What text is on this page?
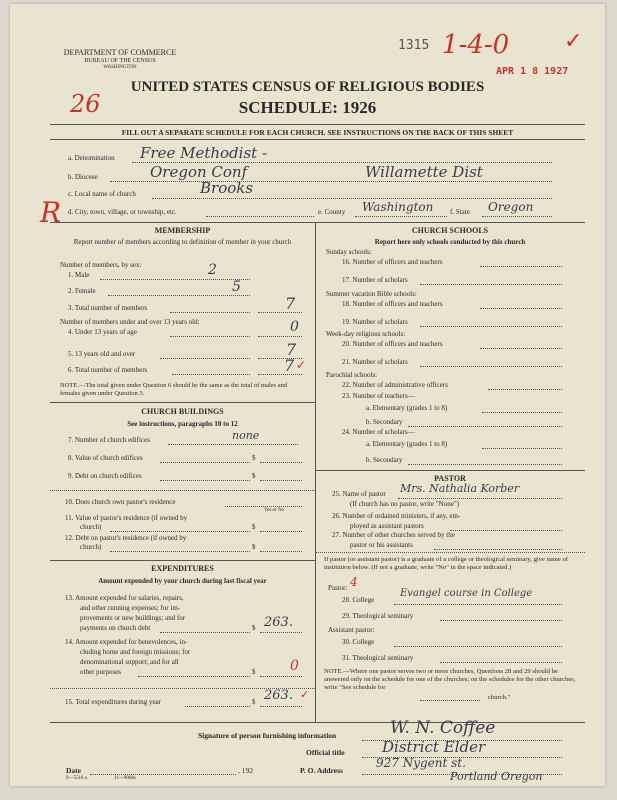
DEPARTMENT OF COMMERCE
BUREAU OF THE CENSUS
WASHINGTON
1315 1-4-0 ✓
APR 1 8 1927
UNITED STATES CENSUS OF RELIGIOUS BODIES
SCHEDULE: 1926
26
FILL OUT A SEPARATE SCHEDULE FOR EACH CHURCH. SEE INSTRUCTIONS ON THE BACK OF THIS SHEET
R
a. Denomination Free Methodist -
b. Diocese	Oregon Conf	Willamette Dist
c. Local name of church	Brooks
d. City, town, village, or township, etc.	e. County Washington f. State Oregon
MEMBERSHIP
Report number of members according to definition of member in your church
Number of members, by sex:
1. Male	2
2. Female	5
3. Total number of members	7
Number of members under and over 13 years old:
4. Under 13 years of age	0
5. 13 years old and over	7
6. Total number of members	7 ✓
NOTE.—The total given under Question 6 should be the same as the total of males and females given under Question 3.
CHURCH BUILDINGS
See instructions, paragraphs 10 to 12
7. Number of church edifices	none
8. Value of church edifices	$
9. Debt on church edifices	$
10. Does church own pastor's residence
Yes or No
11. Value of pastor's residence (if owned by
church)	$
12. Debt on pastor's residence (if owned by
church)	$
EXPENDITURES
Amount expended by your church during last fiscal year
13. Amount expended for salaries, repairs,
and other running expenses; for im-
provements or new buildings; and for
payments on church debt	$ 263.
14. Amount expended for benevolences, in-
cluding home and foreign missions; for
denominational support; and for all
other purposes	$ 0
15. Total expenditures during year	$ 263. ✓
CHURCH SCHOOLS
Report here only schools conducted by this church
Sunday schools:
16. Number of officers and teachers
17. Number of scholars
Summer vacation Bible schools:
18. Number of officers and teachers
19. Number of scholars
Week-day religious schools:
20. Number of officers and teachers
21. Number of scholars
Parochial schools:
22. Number of administrative officers
23. Number of teachers—
a. Elementary (grades 1 to 8)
b. Secondary
24. Number of scholars—
a. Elementary (grades 1 to 8)
b. Secondary
PASTOR
25. Name of pastor Mrs. Nathalia Korber
(If church has no pastor, write "None")
26. Number of ordained ministers, if any, em-
ployed as assistant pastors
27. Number of other churches served by the
pastor or his assistants
If pastor (or assistant pastor) is a graduate of a college or theological seminary, give name of institution below. (If not a graduate, write "No" in the space indicated.)
Pastor: 4
28. College
Evangel course in College
29. Theological seminary
Assistant pastor:
30. College
31. Theological seminary
NOTE.—Where one pastor serves two or more churches, Questions 28 and 29 should be answered only on the schedule for one of the churches; on the schedules for the other churches, write "See schedule for
church."
Signature of person furnishing information	W. N. Coffee
Official title District Elder
Date	, 192	P. O. Address
927 Nygent st.
Portland Oregon
9—5518 a	11—9068s
